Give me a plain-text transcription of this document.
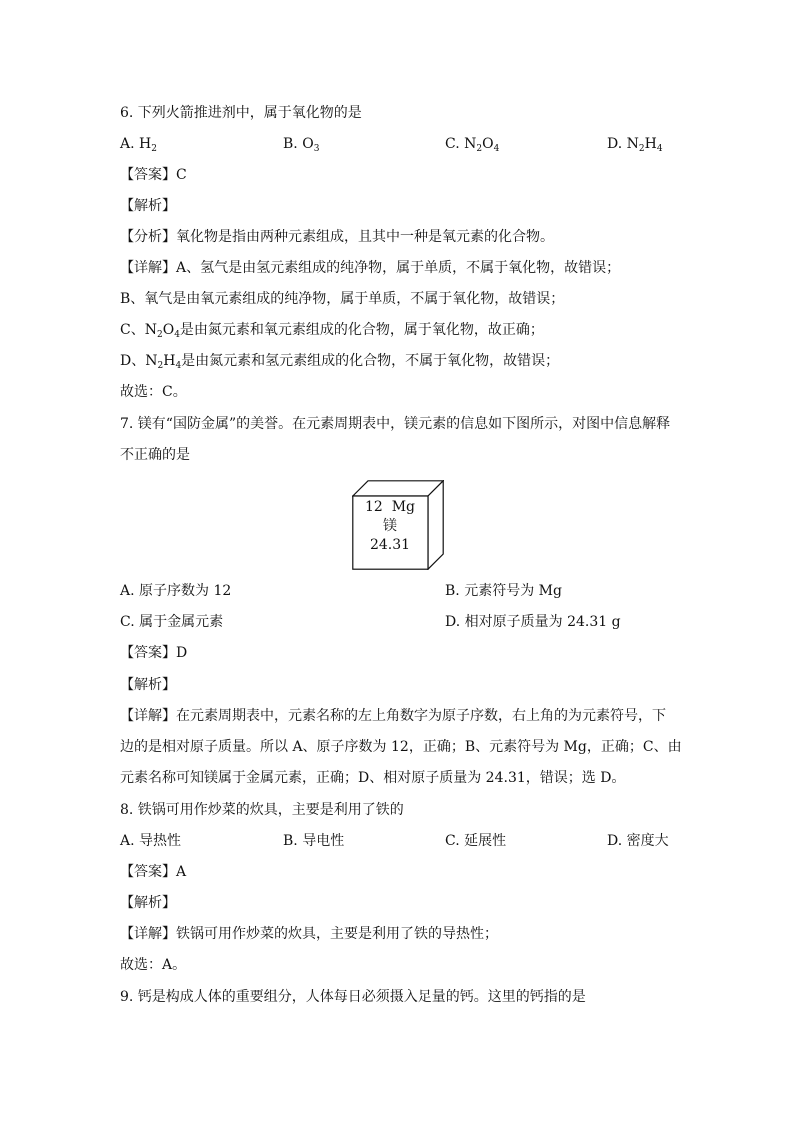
6. 下列火箭推进剂中，属于氧化物的是
A. $H_2$	B. $O_3$	C. $N_2O_4$	D. $N_2H_4$
【答案】C
【解析】
【分析】氧化物是指由两种元素组成，且其中一种是氧元素的化合物。
【详解】A、氢气是由氢元素组成的纯净物，属于单质，不属于氧化物，故错误；
B、氧气是由氧元素组成的纯净物，属于单质，不属于氧化物，故错误；
C、$N_2O_4$是由氮元素和氧元素组成的化合物，属于氧化物，故正确；
D、$N_2H_4$是由氮元素和氢元素组成的化合物，不属于氧化物，故错误；
故选：C。
7. 镁有“国防金属”的美誉。在元素周期表中，镁元素的信息如下图所示，对图中信息解释
不正确的是
12 Mg
镁
24.31
A. 原子序数为 12	B. 元素符号为 Mg
C. 属于金属元素	D. 相对原子质量为 24.31 g
【答案】D
【解析】
【详解】在元素周期表中，元素名称的左上角数字为原子序数，右上角的为元素符号，下
边的是相对原子质量。所以 A、原子序数为 12，正确；B、元素符号为 Mg，正确；C、由
元素名称可知镁属于金属元素，正确；D、相对原子质量为 24.31，错误；选 D。
8. 铁锅可用作炒菜的炊具，主要是利用了铁的
A. 导热性	B. 导电性	C. 延展性	D. 密度大
【答案】A
【解析】
【详解】铁锅可用作炒菜的炊具，主要是利用了铁的导热性；
故选：A。
9. 钙是构成人体的重要组分，人体每日必须摄入足量的钙。这里的钙指的是
